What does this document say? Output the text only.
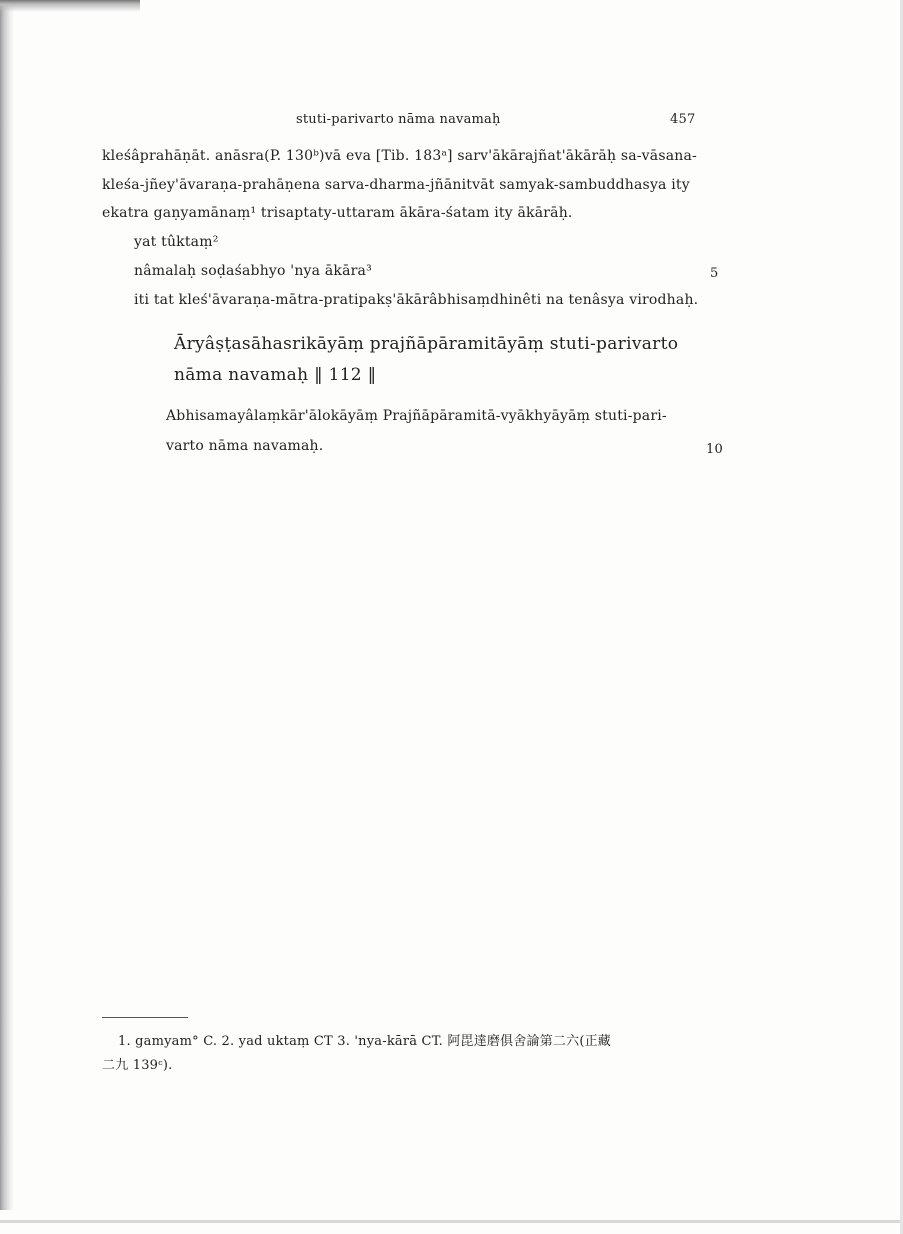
stuti-parivarto nāma navamaḥ	457
kleśâprahāṇāt. anāsra(P. 130ᵇ)vā eva [Tib. 183ᵃ] sarv'ākārajñat'ākārāḥ sa-vāsana-
kleśa-jñey'āvaraṇa-prahāṇena sarva-dharma-jñānitvāt samyak-sambuddhasya ity
ekatra gaṇyamānaṃ¹ trisaptaty-uttaram ākāra-śatam ity ākārāḥ.
yat tûktaṃ²
nâmalaḥ soḍaśabhyo 'nya ākāra³
iti tat kleś'āvaraṇa-mātra-pratipakṣ'ākārâbhisaṃdhinêti na tenâsya virodhaḥ.
5
Āryâṣṭasāhasrikāyāṃ prajñāpāramitāyāṃ stuti-parivarto
nāma navamaḥ ‖ 112 ‖
Abhisamayâlaṃkār'ālokāyāṃ Prajñāpāramitā-vyākhyāyāṃ stuti-pari-
varto nāma navamaḥ.	10
1. gamyam° C. 2. yad uktaṃ CT 3. 'nya-kārā CT. 阿毘達磨俱舍論第二六(正藏
二九 139ᶜ).
